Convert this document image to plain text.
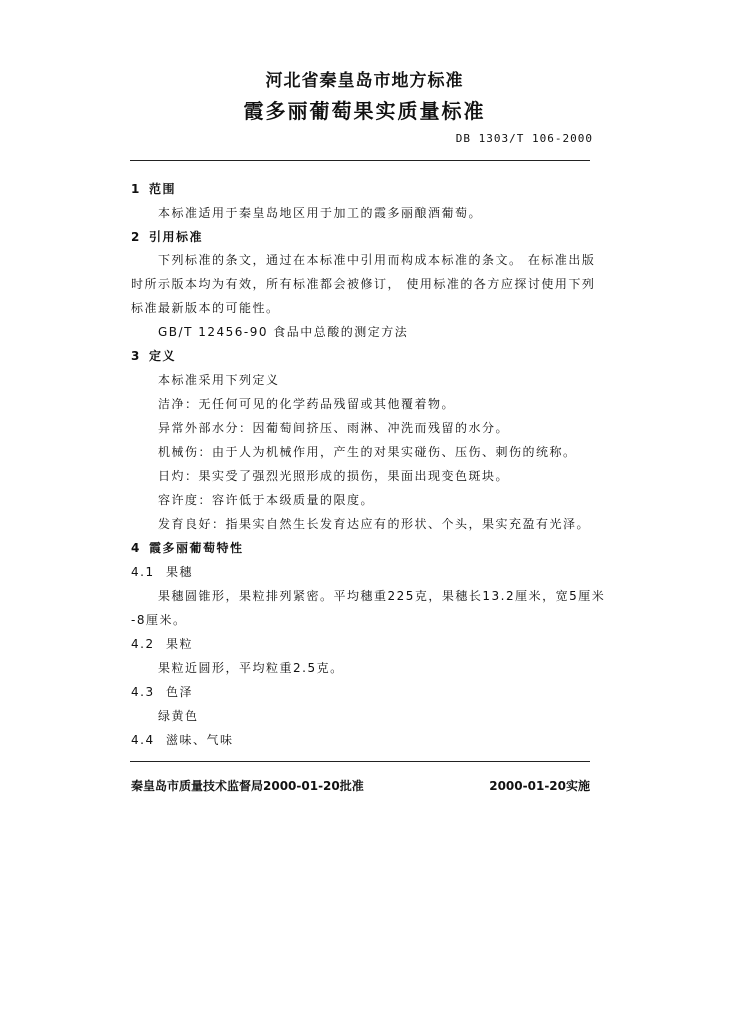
河北省秦皇岛市地方标准
霞多丽葡萄果实质量标准
DB 1303/T 106-2000
1 范围
本标准适用于秦皇岛地区用于加工的霞多丽酿酒葡萄。
2 引用标准
下列标准的条文，通过在本标准中引用而构成本标准的条文。 在标准出版
时所示版本均为有效，所有标准都会被修订， 使用标准的各方应探讨使用下列
标准最新版本的可能性。
GB/T 12456-90 食品中总酸的测定方法
3 定义
本标准采用下列定义
洁净：无任何可见的化学药品残留或其他覆着物。
异常外部水分：因葡萄间挤压、雨淋、冲洗而残留的水分。
机械伤：由于人为机械作用，产生的对果实碰伤、压伤、刺伤的统称。
日灼：果实受了强烈光照形成的损伤，果面出现变色斑块。
容许度：容许低于本级质量的限度。
发育良好：指果实自然生长发育达应有的形状、个头，果实充盈有光泽。
4 霞多丽葡萄特性
4.1 果穗
果穗圆锥形，果粒排列紧密。平均穗重225克，果穗长13.2厘米，宽5厘米
-8厘米。
4.2 果粒
果粒近圆形，平均粒重2.5克。
4.3 色泽
绿黄色
4.4 滋味、气味
秦皇岛市质量技术监督局2000-01-20批准	2000-01-20实施
